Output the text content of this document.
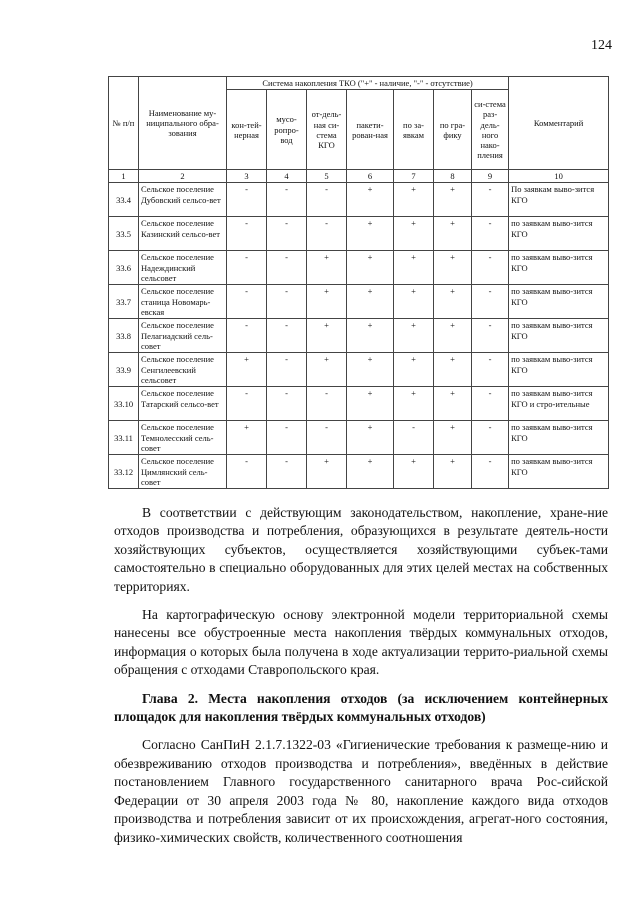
124
№ п/п	Наименование му-ниципального обра-зования	Система накопления ТКО ("+" - наличие, "-" - отсутствие)							Комментарий
		кон-тей-нерная	мусо-ропро-вод	от-дель-ная си-стема КГО	пакети-рован-ная	по за-явкам	по гра-фику	си-стема раз-дель-ного нако-пления	
1	2	3	4	5	6	7	8	9	10
33.4	Сельское поселение Дубовский сельсо-вет	-	-	-	+	+	+	-	По заявкам выво-зится КГО
33.5	Сельское поселение Казинский сельсо-вет	-	-	-	+	+	+	-	по заявкам выво-зится КГО
33.6	Сельское поселение Надеждинский сельсовет	-	-	+	+	+	+	-	по заявкам выво-зится КГО
33.7	Сельское поселение станица Новомарь-евская	-	-	+	+	+	+	-	по заявкам выво-зится КГО
33.8	Сельское поселение Пелагиадский сель-совет	-	-	+	+	+	+	-	по заявкам выво-зится КГО
33.9	Сельское поселение Сенгилеевский сельсовет	+	-	+	+	+	+	-	по заявкам выво-зится КГО
33.10	Сельское поселение Татарский сельсо-вет	-	-	-	+	+	+	-	по заявкам выво-зится КГО и стро-ительные
33.11	Сельское поселение Темнолесский сель-совет	+	-	-	+	-	+	-	по заявкам выво-зится КГО
33.12	Сельское поселение Цимлянский сель-совет	-	-	+	+	+	+	-	по заявкам выво-зится КГО

В соответствии с действующим законодательством, накопление, хране-ние отходов производства и потребления, образующихся в результате деятель-ности хозяйствующих субъектов, осуществляется хозяйствующими субъек-тами самостоятельно в специально оборудованных для этих целей местах на собственных территориях.

На картографическую основу электронной модели территориальной схемы нанесены все обустроенные места накопления твёрдых коммунальных отходов, информация о которых была получена в ходе актуализации террито-риальной схемы обращения с отходами Ставропольского края.

Глава 2. Места накопления отходов (за исключением контейнерных площадок для накопления твёрдых коммунальных отходов)

Согласно СанПиН 2.1.7.1322-03 «Гигиенические требования к размеще-нию и обезвреживанию отходов производства и потребления», введённых в действие постановлением Главного государственного санитарного врача Рос-сийской Федерации от 30 апреля 2003 года № 80, накопление каждого вида отходов производства и потребления зависит от их происхождения, агрегат-ного состояния, физико-химических свойств, количественного соотношения
